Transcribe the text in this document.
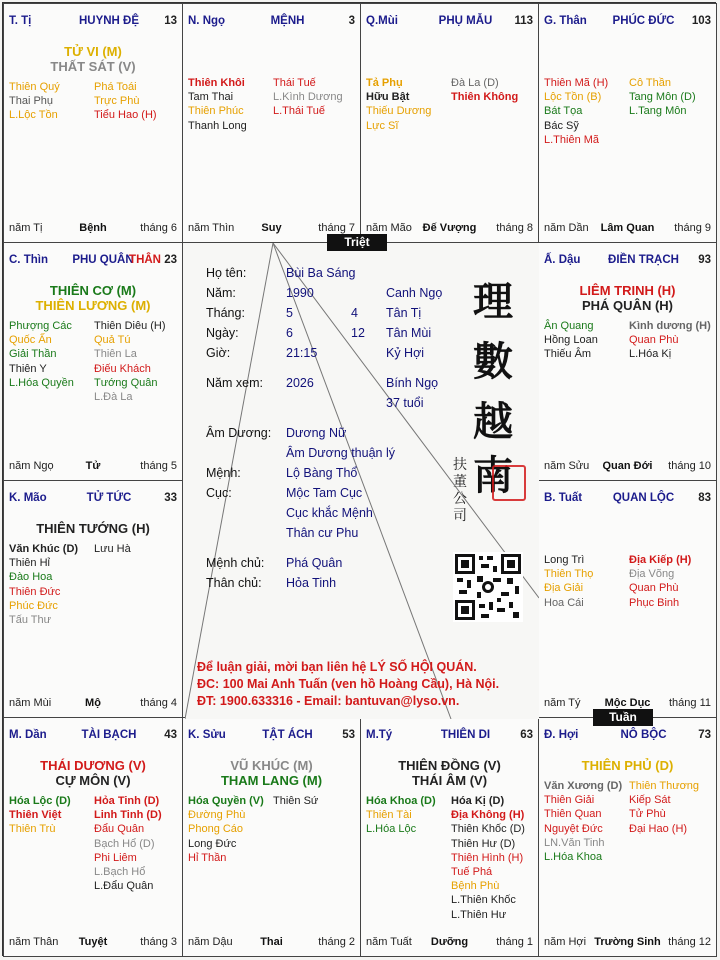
T. Tị	HUYNH ĐỆ	13
TỬ VI (M)
THẤT SÁT (V)
Thiên Quý
Thai Phụ
L.Lộc Tồn
Phá Toái
Trực Phù
Tiểu Hao (H)
năm Tị	Bệnh	tháng 6
N. Ngọ	MỆNH	3
Thiên Khôi
Tam Thai
Thiên Phúc
Thanh Long
Thái Tuế
L.Kình Dương
L.Thái Tuế
năm Thìn	Suy	tháng 7
Q.Mùi	PHỤ MẪU	113
Tả Phụ
Hữu Bật
Thiếu Dương
Lực Sĩ
Đà La (D)
Thiên Không
năm Mão Đế Vượng	tháng 8
G. Thân	PHÚC ĐỨC	103
Thiên Mã (H)
Lộc Tồn (B)
Bát Tọa
Bác Sỹ
L.Thiên Mã
Cô Thần
Tang Môn (D)
L.Tang Môn
năm Dần	Lâm Quan	tháng 9
C. Thìn	PHU QUÂN	23
THÂN
THIÊN CƠ (M)
THIÊN LƯƠNG (M)
Phượng Các
Quốc Ấn
Giải Thần
Thiên Y
L.Hóa Quyền
Thiên Diêu (H)
Quả Tú
Thiên La
Điếu Khách
Tướng Quân
L.Đà La
năm Ngọ	Tử	tháng 5
Ấ. Dậu	ĐIỀN TRẠCH	93
LIÊM TRINH (H)
PHÁ QUÂN (H)
Ân Quang
Hồng Loan
Thiếu Âm
Kình dương (H)
Quan Phù
L.Hóa Kị
năm Sửu	Quan Đới	tháng 10
K. Mão	TỬ TỨC	33
THIÊN TƯỚNG (H)
Văn Khúc (D)
Thiên Hỉ
Đào Hoa
Thiên Đức
Phúc Đức
Tấu Thư
Lưu Hà
năm Mùi	Mộ	tháng 4
B. Tuất	QUAN LỘC	83
Long Trì
Thiên Thọ
Địa Giải
Hoa Cái
Địa Kiếp (H)
Địa Võng
Quan Phù
Phục Binh
năm Tý	Mộc Dục	tháng 11
M. Dần	TÀI BẠCH	43
THÁI DƯƠNG (V)
CỰ MÔN (V)
Hóa Lộc (D)
Thiên Việt
Thiên Trù
Hỏa Tinh (D)
Linh Tinh (D)
Đẩu Quân
Bạch Hổ (D)
Phi Liêm
L.Bạch Hổ
L.Đẩu Quân
năm Thân	Tuyệt	tháng 3
K. Sửu	TẬT ÁCH	53
VŨ KHÚC (M)
THAM LANG (M)
Hóa Quyền (V)
Đường Phù
Phong Cáo
Long Đức
Hỉ Thần
Thiên Sứ
năm Dậu	Thai	tháng 2
M.Tý	THIÊN DI	63
THIÊN ĐỒNG (V)
THÁI ÂM (V)
Hóa Khoa (D)
Thiên Tài
L.Hóa Lộc
Hóa Kị (D)
Địa Không (H)
Thiên Khốc (D)
Thiên Hư (D)
Thiên Hình (H)
Tuế Phá
Bệnh Phù
L.Thiên Khốc
L.Thiên Hư
năm Tuất	Dưỡng	tháng 1
Đ. Hợi	NÔ BỘC	73
THIÊN PHỦ (D)
Văn Xương (D)
Thiên Giải
Thiên Quan
Nguyệt Đức
LN.Văn Tinh
L.Hóa Khoa
Thiên Thương
Kiếp Sát
Tử Phù
Đại Hao (H)
năm Hợi Trường Sinh tháng 12
Họ tên:	Bùi Ba Sáng
Năm:	1990	Canh Ngọ
Tháng:	5	4 Tân Tị
Ngày:	6	12 Tân Mùi
Giờ:	21:15	Kỷ Hợi
Năm xem: 2026	Bính Ngọ
37 tuổi
Âm Dương: Dương Nữ
Âm Dương thuận lý
Mệnh:	Lộ Bàng Thổ
Cục:	Mộc Tam Cục
Cục khắc Mệnh
Thân cư Phu
Mệnh chủ: Phá Quân
Thân chủ: Hỏa Tinh
理
數
越
南
扶
董
公
司
Để luận giải, mời bạn liên hệ LÝ SỐ HỘI QUÁN.
ĐC: 100 Mai Anh Tuấn (ven hồ Hoàng Cầu), Hà Nội.
ĐT: 1900.633316 - Email: bantuvan@lyso.vn.
Triệt
Tuần
